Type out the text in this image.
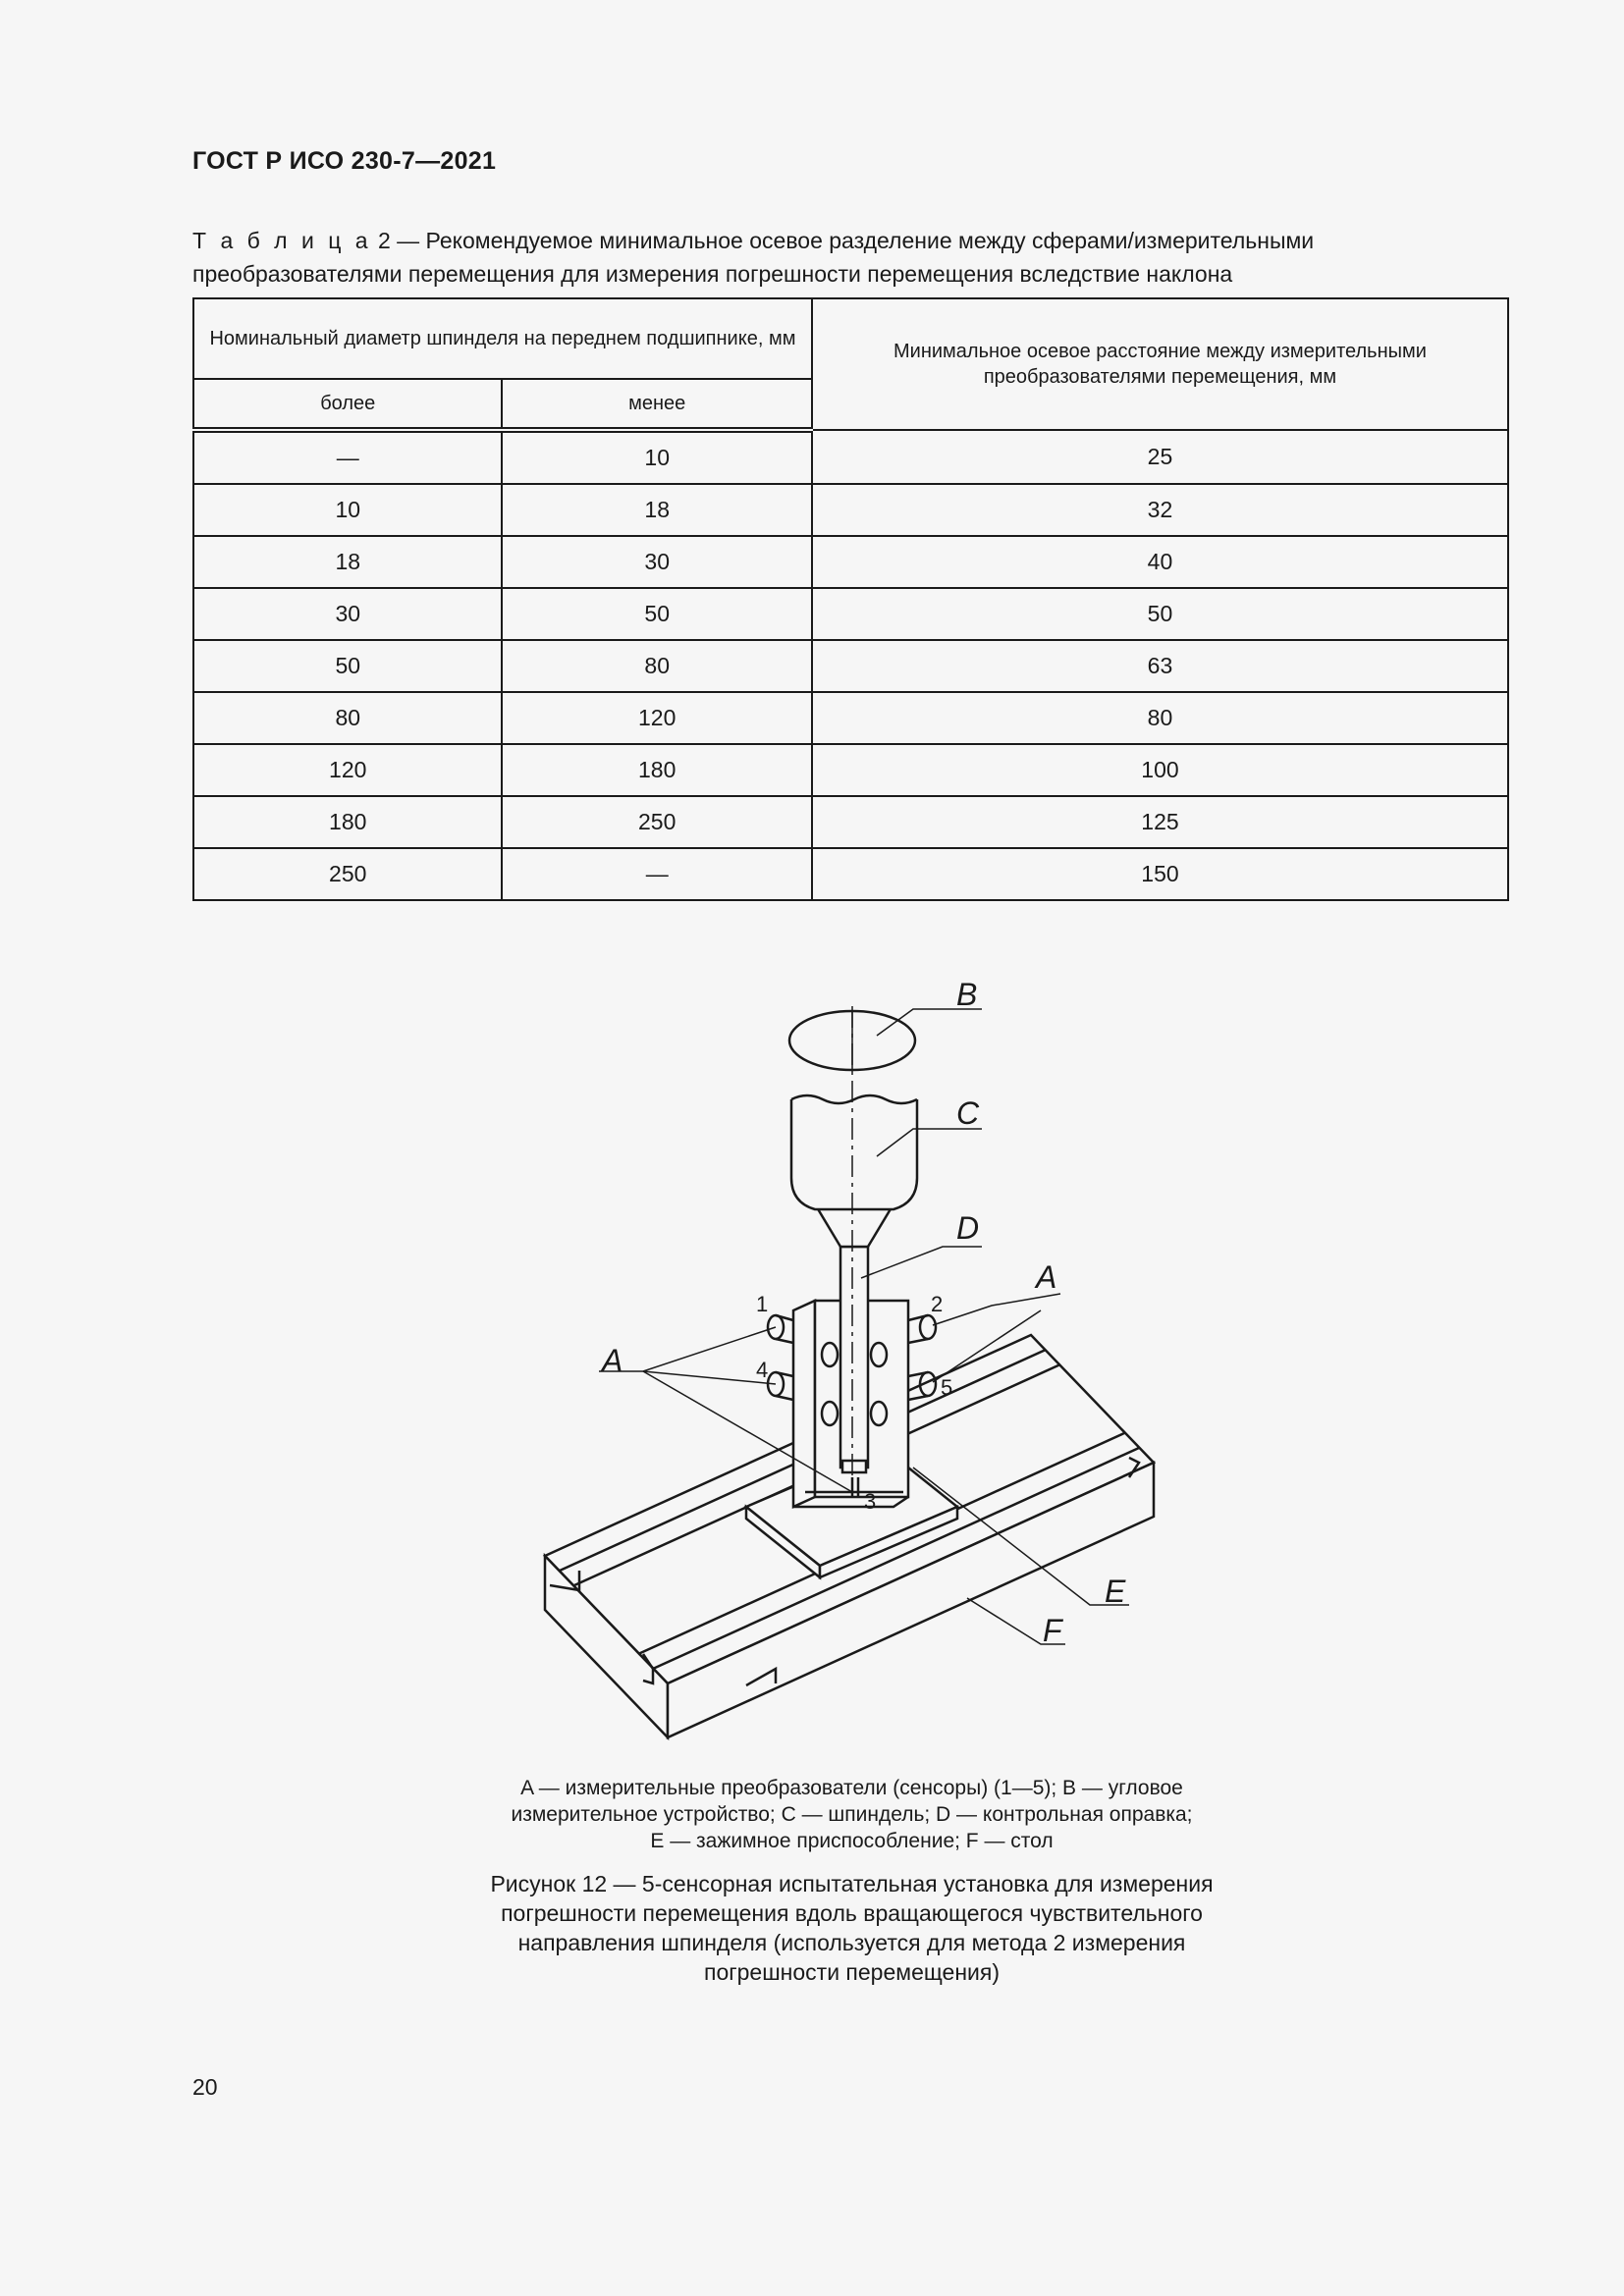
ГОСТ Р ИСО 230-7—2021
Т а б л и ц а 2 — Рекомендуемое минимальное осевое разделение между сферами/измерительными преобразователями перемещения для измерения погрешности перемещения вследствие наклона
Номинальный диаметр шпинделя на переднем подшипнике, мм		Минимальное осевое расстояние между измерительными преобразователями перемещения, мм
более	менее	
—	10	25
10	18	32
18	30	40
30	50	50
50	80	63
80	120	80
120	180	100
180	250	125
250	—	150
B
C
D
A
A
E
F
1	2
3
4
5
A — измерительные преобразователи (сенсоры) (1—5); B — угловое
измерительное устройство; C — шпиндель; D — контрольная оправка;
E — зажимное приспособление; F — стол
Рисунок 12 — 5-сенсорная испытательная установка для измерения
погрешности перемещения вдоль вращающегося чувствительного
направления шпинделя (используется для метода 2 измерения
погрешности перемещения)
20
